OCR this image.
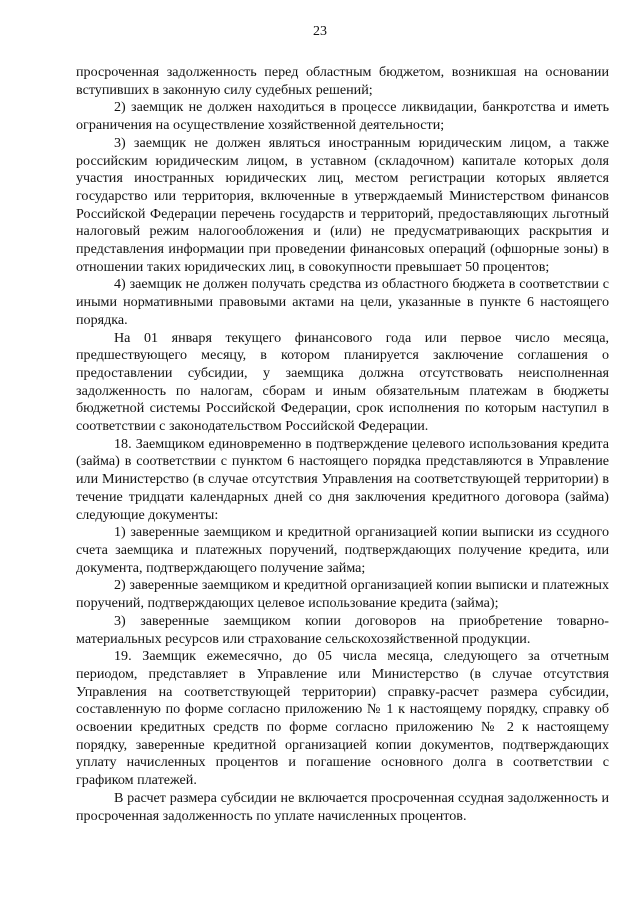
23

просроченная задолженность перед областным бюджетом, возникшая на основании вступивших в законную силу судебных решений;

2) заемщик не должен находиться в процессе ликвидации, банкротства и иметь ограничения на осуществление хозяйственной деятельности;

3) заемщик не должен являться иностранным юридическим лицом, а также российским юридическим лицом, в уставном (складочном) капитале которых доля участия иностранных юридических лиц, местом регистрации которых является государство или территория, включенные в утверждаемый Министерством финансов Российской Федерации перечень государств и территорий, предоставляющих льготный налоговый режим налогообложения и (или) не предусматривающих раскрытия и представления информации при проведении финансовых операций (офшорные зоны) в отношении таких юридических лиц, в совокупности превышает 50 процентов;

4) заемщик не должен получать средства из областного бюджета в соответствии с иными нормативными правовыми актами на цели, указанные в пункте 6 настоящего порядка.

На 01 января текущего финансового года или первое число месяца, предшествующего месяцу, в котором планируется заключение соглашения о предоставлении субсидии, у заемщика должна отсутствовать неисполненная задолженность по налогам, сборам и иным обязательным платежам в бюджеты бюджетной системы Российской Федерации, срок исполнения по которым наступил в соответствии с законодательством Российской Федерации.

18. Заемщиком единовременно в подтверждение целевого использования кредита (займа) в соответствии с пунктом 6 настоящего порядка представляются в Управление или Министерство (в случае отсутствия Управления на соответствующей территории) в течение тридцати календарных дней со дня заключения кредитного договора (займа) следующие документы:

1) заверенные заемщиком и кредитной организацией копии выписки из ссудного счета заемщика и платежных поручений, подтверждающих получение кредита, или документа, подтверждающего получение займа;

2) заверенные заемщиком и кредитной организацией копии выписки и платежных поручений, подтверждающих целевое использование кредита (займа);

3) заверенные заемщиком копии договоров на приобретение товарно-материальных ресурсов или страхование сельскохозяйственной продукции.

19. Заемщик ежемесячно, до 05 числа месяца, следующего за отчетным периодом, представляет в Управление или Министерство (в случае отсутствия Управления на соответствующей территории) справку-расчет размера субсидии, составленную по форме согласно приложению № 1 к настоящему порядку, справку об освоении кредитных средств по форме согласно приложению № 2 к настоящему порядку, заверенные кредитной организацией копии документов, подтверждающих уплату начисленных процентов и погашение основного долга в соответствии с графиком платежей.

В расчет размера субсидии не включается просроченная ссудная задолженность и просроченная задолженность по уплате начисленных процентов.
